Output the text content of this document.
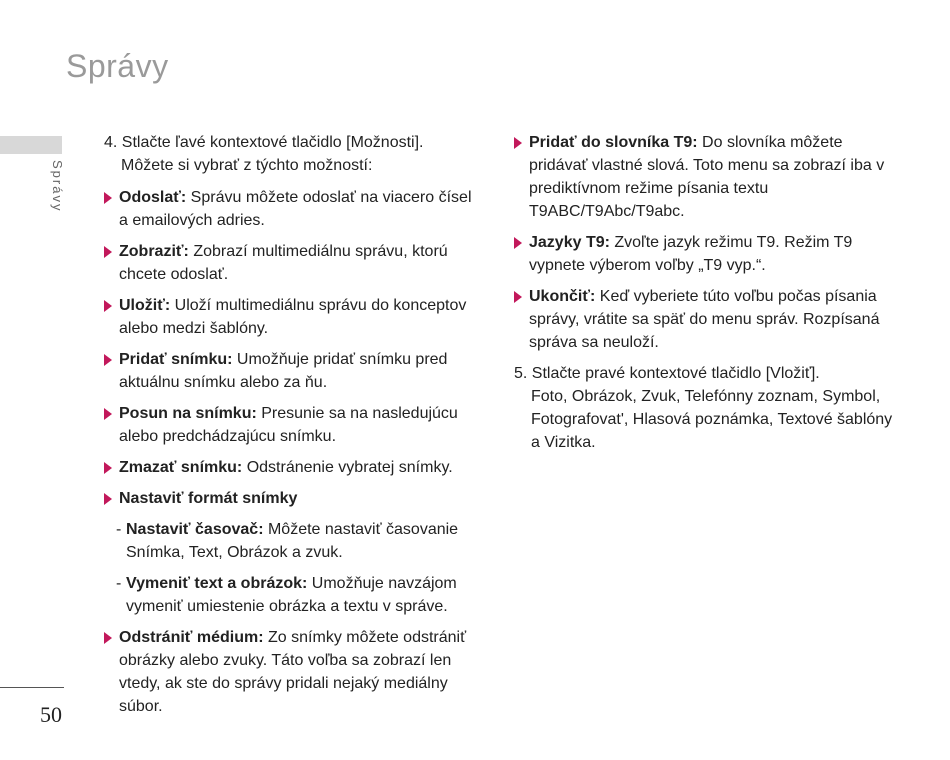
Správy
Správy
50
4. Stlačte ľavé kontextové tlačidlo [Možnosti].
Môžete si vybrať z týchto možností:
Odoslať: Správu môžete odoslať na viacero čísel a emailových adries.
Zobraziť: Zobrazí multimediálnu správu, ktorú chcete odoslať.
Uložiť: Uloží multimediálnu správu do konceptov alebo medzi šablóny.
Pridať snímku: Umožňuje pridať snímku pred aktuálnu snímku alebo za ňu.
Posun na snímku: Presunie sa na nasledujúcu alebo predchádzajúcu snímku.
Zmazať snímku: Odstránenie vybratej snímky.
Nastaviť formát snímky
- Nastaviť časovač: Môžete nastaviť časovanie Snímka, Text, Obrázok a zvuk.
- Vymeniť text a obrázok: Umožňuje navzájom vymeniť umiestenie obrázka a textu v správe.
Odstrániť médium: Zo snímky môžete odstrániť obrázky alebo zvuky. Táto voľba sa zobrazí len vtedy, ak ste do správy pridali nejaký mediálny súbor.
Pridať do slovníka T9: Do slovníka môžete pridávať vlastné slová. Toto menu sa zobrazí iba v prediktívnom režime písania textu T9ABC/T9Abc/T9abc.
Jazyky T9: Zvoľte jazyk režimu T9. Režim T9 vypnete výberom voľby „T9 vyp.“.
Ukončiť: Keď vyberiete túto voľbu počas písania správy, vrátite sa späť do menu správ. Rozpísaná správa sa neuloží.
5. Stlačte pravé kontextové tlačidlo [Vložiť].
Foto, Obrázok, Zvuk, Telefónny zoznam, Symbol, Fotografovat', Hlasová poznámka, Textové šablóny a Vizitka.
